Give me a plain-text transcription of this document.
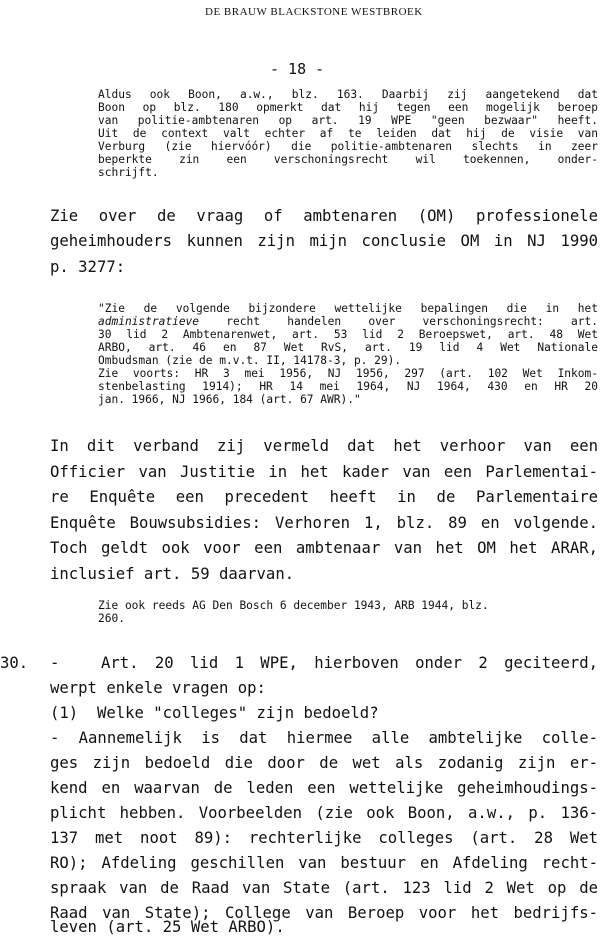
DE BRAUW BLACKSTONE WESTBROEK
- 18 -
Aldus ook Boon, a.w., blz. 163. Daarbij zij aangetekend dat
Boon op blz. 180 opmerkt dat hij tegen een mogelijk beroep
van politie-ambtenaren op art. 19 WPE "geen bezwaar" heeft.
Uit de context valt echter af te leiden dat hij de visie van
Verburg (zie hiervóór) die politie-ambtenaren slechts in zeer
beperkte zin een verschoningsrecht wil toekennen, onder-
schrijft.
Zie over de vraag of ambtenaren (OM) professionele
geheimhouders kunnen zijn mijn conclusie OM in NJ 1990
p. 3277:
"Zie de volgende bijzondere wettelijke bepalingen die in het
administratieve recht handelen over verschoningsrecht: art.
30 lid 2 Ambtenarenwet, art. 53 lid 2 Beroepswet, art. 48 Wet
ARBO, art. 46 en 87 Wet RvS, art. 19 lid 4 Wet Nationale
Ombudsman (zie de m.v.t. II, 14178-3, p. 29).
Zie voorts: HR 3 mei 1956, NJ 1956, 297 (art. 102 Wet Inkom-
stenbelasting 1914); HR 14 mei 1964, NJ 1964, 430 en HR 20
jan. 1966, NJ 1966, 184 (art. 67 AWR)."
In dit verband zij vermeld dat het verhoor van een
Officier van Justitie in het kader van een Parlementai-
re Enquête een precedent heeft in de Parlementaire
Enquête Bouwsubsidies: Verhoren 1, blz. 89 en volgende.
Toch geldt ook voor een ambtenaar van het OM het ARAR,
inclusief art. 59 daarvan.
Zie ook reeds AG Den Bosch 6 december 1943, ARB 1944, blz.
260.
30. -	Art. 20 lid 1 WPE, hierboven onder 2 geciteerd,
werpt enkele vragen op:
(1)  Welke "colleges" zijn bedoeld?
- Aannemelijk is dat hiermee alle ambtelijke colle-
ges zijn bedoeld die door de wet als zodanig zijn er-
kend en waarvan de leden een wettelijke geheimhoudings-
plicht hebben. Voorbeelden (zie ook Boon, a.w., p. 136-
137 met noot 89): rechterlijke colleges (art. 28 Wet
RO); Afdeling geschillen van bestuur en Afdeling recht-
spraak van de Raad van State (art. 123 lid 2 Wet op de
Raad van State); College van Beroep voor het bedrijfs-
leven (art. 25 Wet ARBO).
